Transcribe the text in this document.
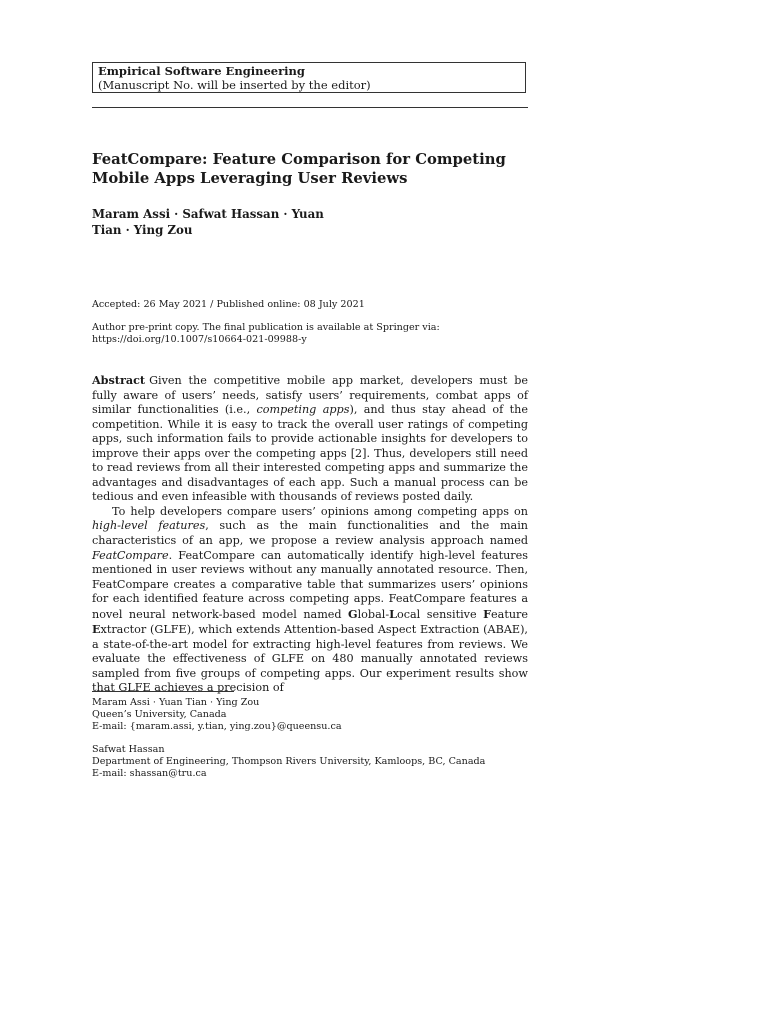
Empirical Software Engineering
(Manuscript No. will be inserted by the editor)
FeatCompare: Feature Comparison for Competing
Mobile Apps Leveraging User Reviews
Maram Assi · Safwat Hassan · Yuan
Tian · Ying Zou
Accepted: 26 May 2021 / Published online: 08 July 2021
Author pre-print copy. The final publication is available at Springer via:
https://doi.org/10.1007/s10664-021-09988-y

Abstract Given the competitive mobile app market, developers must be fully aware of users’ needs, satisfy users’ requirements, combat apps of similar functionalities (i.e., competing apps), and thus stay ahead of the competition. While it is easy to track the overall user ratings of competing apps, such information fails to provide actionable insights for developers to improve their apps over the competing apps [2]. Thus, developers still need to read reviews from all their interested competing apps and summarize the advantages and disadvantages of each app. Such a manual process can be tedious and even infeasible with thousands of reviews posted daily.

To help developers compare users’ opinions among competing apps on high-level features, such as the main functionalities and the main characteristics of an app, we propose a review analysis approach named FeatCompare. FeatCompare can automatically identify high-level features mentioned in user reviews without any manually annotated resource. Then, FeatCompare creates a comparative table that summarizes users’ opinions for each identified feature across competing apps. FeatCompare features a novel neural network-based model named Global-Local sensitive Feature Extractor (GLFE), which extends Attention-based Aspect Extraction (ABAE), a state-of-the-art model for extracting high-level features from reviews. We evaluate the effectiveness of GLFE on 480 manually annotated reviews sampled from five groups of competing apps. Our experiment results show that GLFE achieves a precision of

Maram Assi · Yuan Tian · Ying Zou
Queen’s University, Canada
E-mail: {maram.assi, y.tian, ying.zou}@queensu.ca
Safwat Hassan
Department of Engineering, Thompson Rivers University, Kamloops, BC, Canada
E-mail: shassan@tru.ca
